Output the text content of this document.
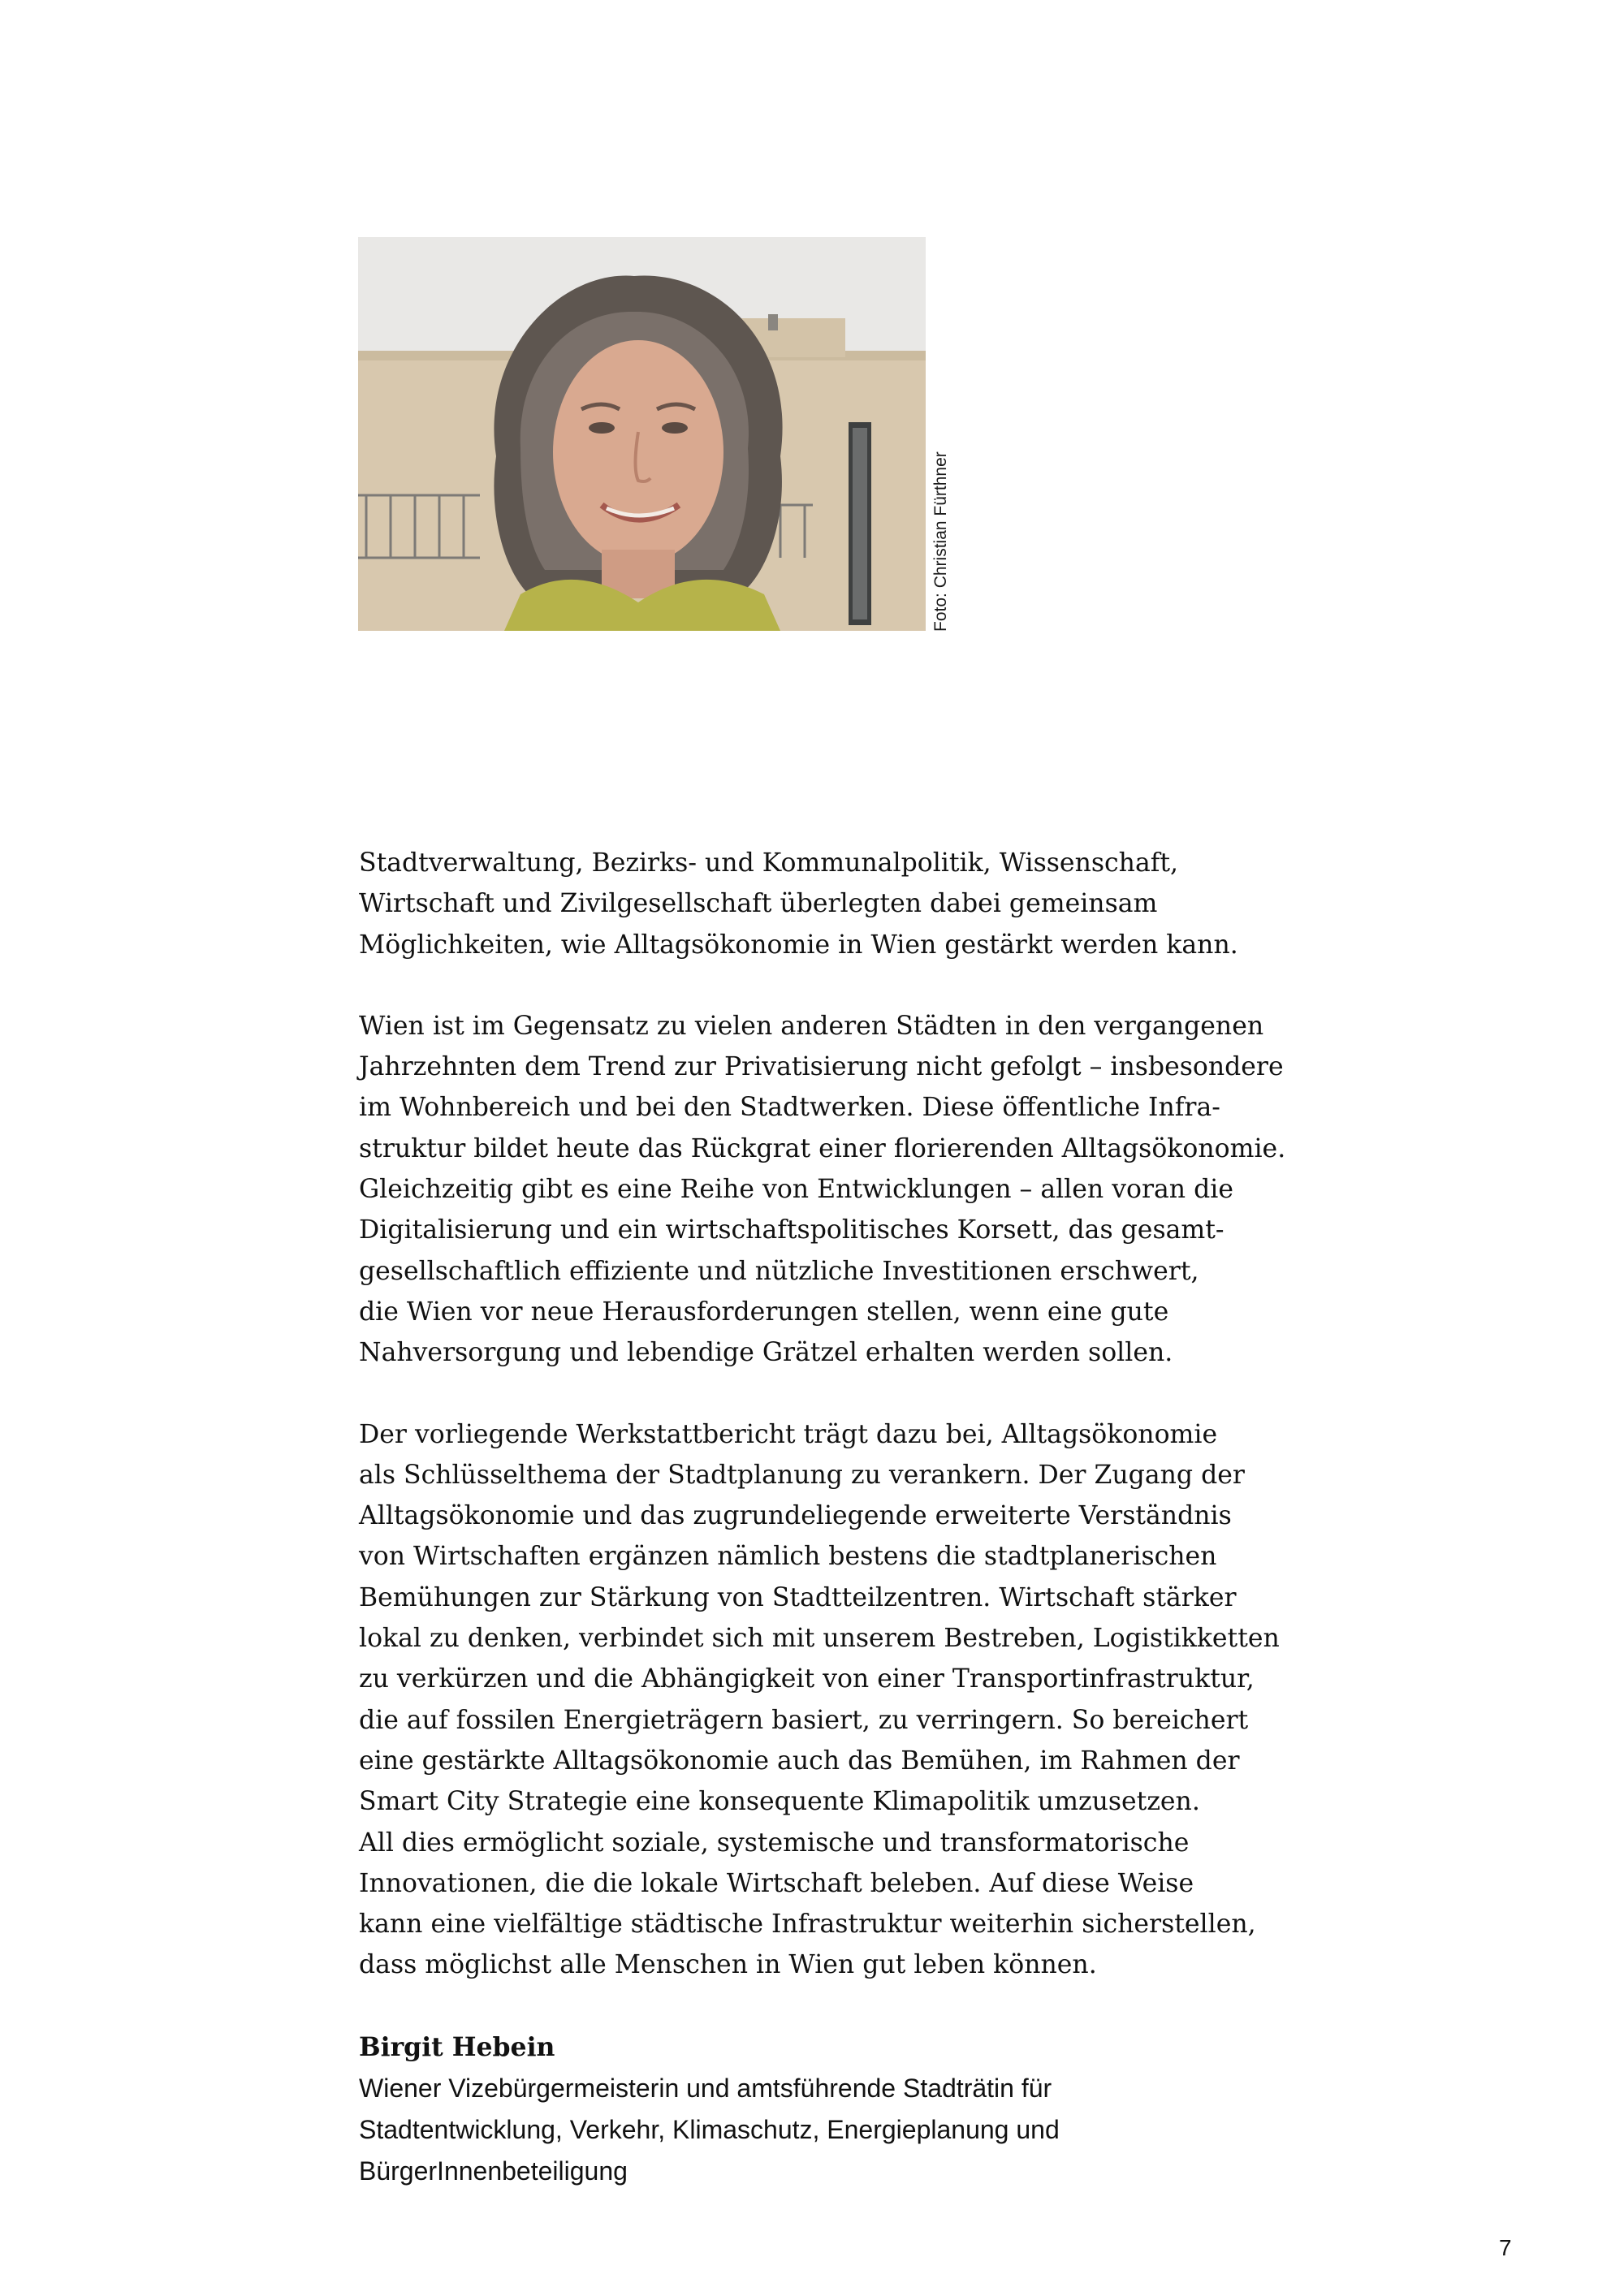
Foto: Christian Fürthner

Stadtverwaltung, Bezirks- und Kommunalpolitik, Wissenschaft,
Wirtschaft und Zivilgesellschaft überlegten dabei gemeinsam
Möglichkeiten, wie Alltagsökonomie in Wien gestärkt werden kann.

Wien ist im Gegensatz zu vielen anderen Städten in den vergangenen
Jahrzehnten dem Trend zur Privatisierung nicht gefolgt – insbesondere
im Wohnbereich und bei den Stadtwerken. Diese öffentliche Infra-
struktur bildet heute das Rückgrat einer florierenden Alltagsökonomie.
Gleichzeitig gibt es eine Reihe von Entwicklungen – allen voran die
Digitalisierung und ein wirtschaftspolitisches Korsett, das gesamt-
gesellschaftlich effiziente und nützliche Investitionen erschwert,
die Wien vor neue Herausforderungen stellen, wenn eine gute
Nahversorgung und lebendige Grätzel erhalten werden sollen.

Der vorliegende Werkstattbericht trägt dazu bei, Alltagsökonomie
als Schlüsselthema der Stadtplanung zu verankern. Der Zugang der
Alltagsökonomie und das zugrundeliegende erweiterte Verständnis
von Wirtschaften ergänzen nämlich bestens die stadtplanerischen
Bemühungen zur Stärkung von Stadtteilzentren. Wirtschaft stärker
lokal zu denken, verbindet sich mit unserem Bestreben, Logistikketten
zu verkürzen und die Abhängigkeit von einer Transportinfrastruktur,
die auf fossilen Energieträgern basiert, zu verringern. So bereichert
eine gestärkte Alltagsökonomie auch das Bemühen, im Rahmen der
Smart City Strategie eine konsequente Klimapolitik umzusetzen.
All dies ermöglicht soziale, systemische und transformatorische
Innovationen, die die lokale Wirtschaft beleben. Auf diese Weise
kann eine vielfältige städtische Infrastruktur weiterhin sicherstellen,
dass möglichst alle Menschen in Wien gut leben können.

Birgit Hebein
Wiener Vizebürgermeisterin und amtsführende Stadträtin für
Stadtentwicklung, Verkehr, Klimaschutz, Energieplanung und
BürgerInnenbeteiligung
7
